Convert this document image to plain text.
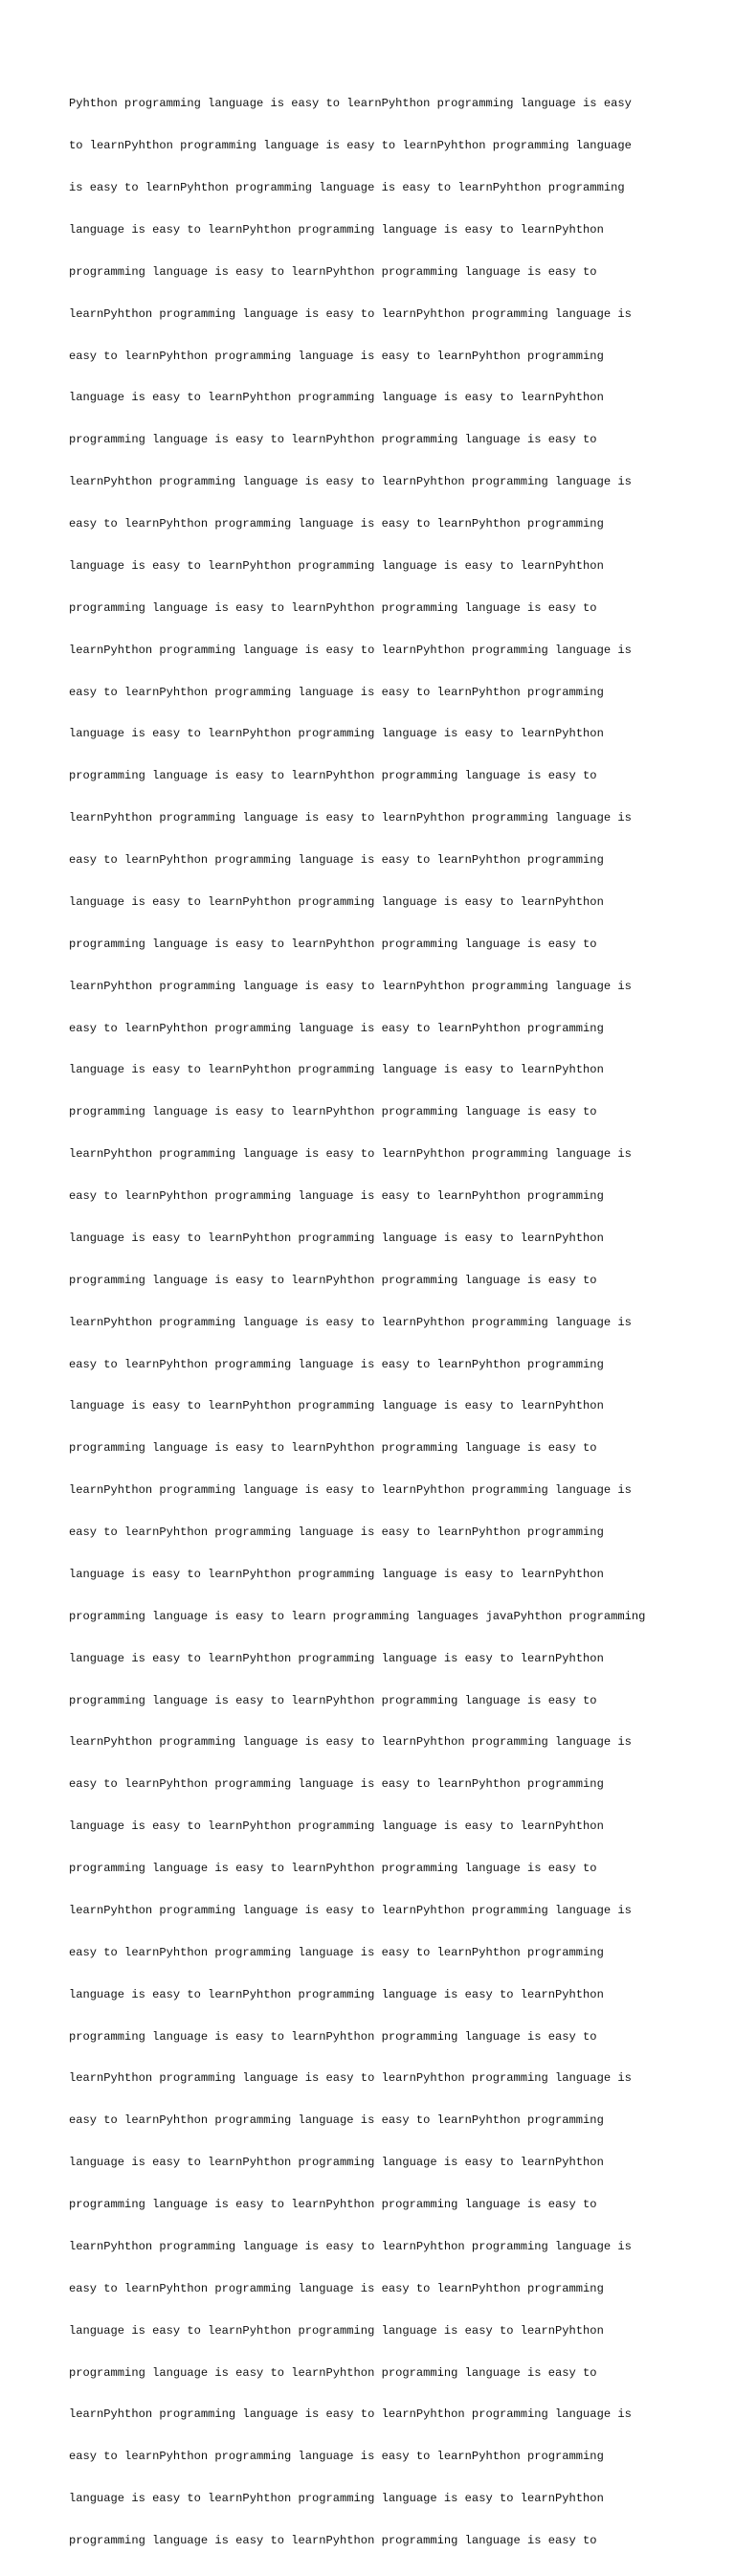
Pyhthon programming language is easy to learnPyhthon programming language is easy

to learnPyhthon programming language is easy to learnPyhthon programming language

is easy to learnPyhthon programming language is easy to learnPyhthon programming

language is easy to learnPyhthon programming language is easy to learnPyhthon

programming language is easy to learnPyhthon programming language is easy to

learnPyhthon programming language is easy to learnPyhthon programming language is

easy to learnPyhthon programming language is easy to learnPyhthon programming

language is easy to learnPyhthon programming language is easy to learnPyhthon

programming language is easy to learnPyhthon programming language is easy to

learnPyhthon programming language is easy to learnPyhthon programming language is

easy to learnPyhthon programming language is easy to learnPyhthon programming

language is easy to learnPyhthon programming language is easy to learnPyhthon

programming language is easy to learnPyhthon programming language is easy to

learnPyhthon programming language is easy to learnPyhthon programming language is

easy to learnPyhthon programming language is easy to learnPyhthon programming

language is easy to learnPyhthon programming language is easy to learnPyhthon

programming language is easy to learnPyhthon programming language is easy to

learnPyhthon programming language is easy to learnPyhthon programming language is

easy to learnPyhthon programming language is easy to learnPyhthon programming

language is easy to learnPyhthon programming language is easy to learnPyhthon

programming language is easy to learnPyhthon programming language is easy to

learnPyhthon programming language is easy to learnPyhthon programming language is

easy to learnPyhthon programming language is easy to learnPyhthon programming

language is easy to learnPyhthon programming language is easy to learnPyhthon

programming language is easy to learnPyhthon programming language is easy to

learnPyhthon programming language is easy to learnPyhthon programming language is

easy to learnPyhthon programming language is easy to learnPyhthon programming

language is easy to learnPyhthon programming language is easy to learnPyhthon

programming language is easy to learnPyhthon programming language is easy to

learnPyhthon programming language is easy to learnPyhthon programming language is

easy to learnPyhthon programming language is easy to learnPyhthon programming

language is easy to learnPyhthon programming language is easy to learnPyhthon

programming language is easy to learnPyhthon programming language is easy to

learnPyhthon programming language is easy to learnPyhthon programming language is

easy to learnPyhthon programming language is easy to learnPyhthon programming

language is easy to learnPyhthon programming language is easy to learnPyhthon

programming language is easy to learn programming languages javaPyhthon programming

language is easy to learnPyhthon programming language is easy to learnPyhthon

programming language is easy to learnPyhthon programming language is easy to

learnPyhthon programming language is easy to learnPyhthon programming language is

easy to learnPyhthon programming language is easy to learnPyhthon programming

language is easy to learnPyhthon programming language is easy to learnPyhthon

programming language is easy to learnPyhthon programming language is easy to

learnPyhthon programming language is easy to learnPyhthon programming language is

easy to learnPyhthon programming language is easy to learnPyhthon programming

language is easy to learnPyhthon programming language is easy to learnPyhthon

programming language is easy to learnPyhthon programming language is easy to

learnPyhthon programming language is easy to learnPyhthon programming language is

easy to learnPyhthon programming language is easy to learnPyhthon programming

language is easy to learnPyhthon programming language is easy to learnPyhthon

programming language is easy to learnPyhthon programming language is easy to

learnPyhthon programming language is easy to learnPyhthon programming language is

easy to learnPyhthon programming language is easy to learnPyhthon programming

language is easy to learnPyhthon programming language is easy to learnPyhthon

programming language is easy to learnPyhthon programming language is easy to

learnPyhthon programming language is easy to learnPyhthon programming language is

easy to learnPyhthon programming language is easy to learnPyhthon programming

language is easy to learnPyhthon programming language is easy to learnPyhthon

programming language is easy to learnPyhthon programming language is easy to
